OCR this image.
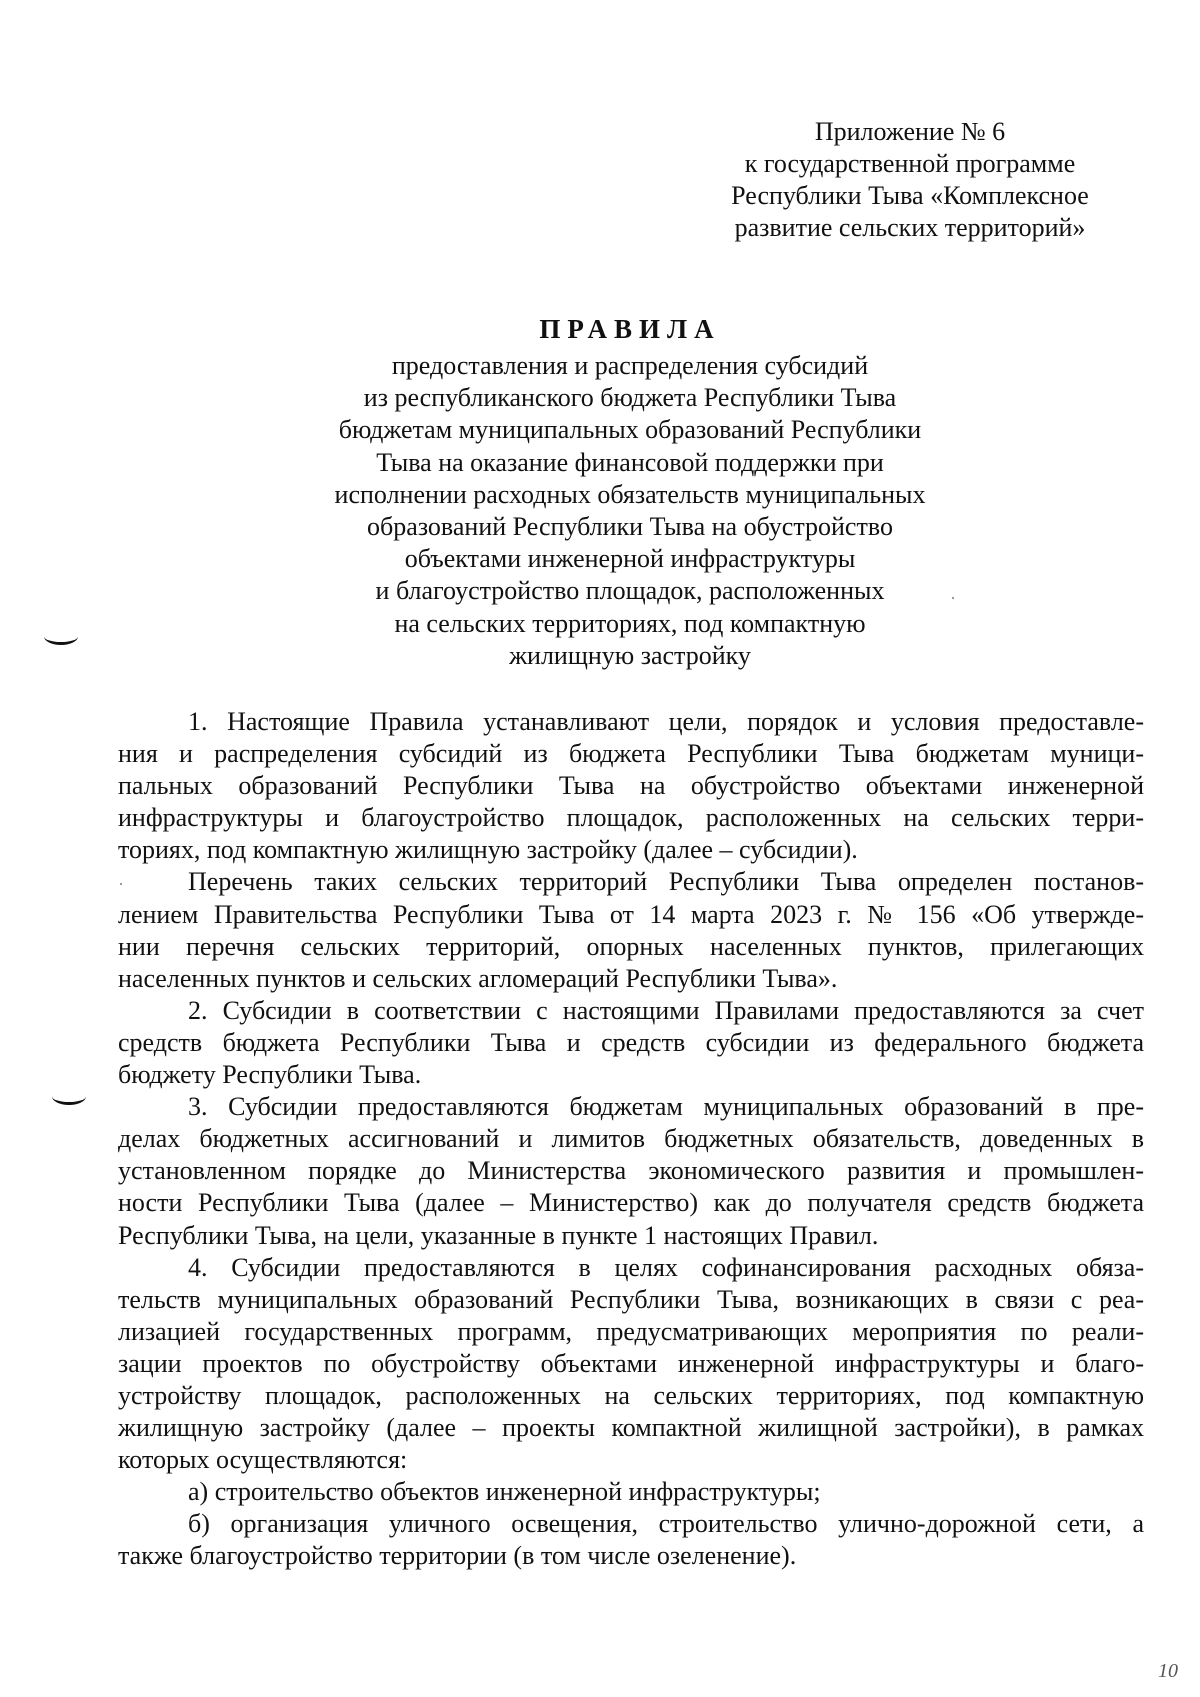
Приложение № 6
к государственной программе
Республики Тыва «Комплексное
развитие сельских территорий»
ПРАВИЛА
предоставления и распределения субсидий
из республиканского бюджета Республики Тыва
бюджетам муниципальных образований Республики
Тыва на оказание финансовой поддержки при
исполнении расходных обязательств муниципальных
образований Республики Тыва на обустройство
объектами инженерной инфраструктуры
и благоустройство площадок, расположенных
на сельских территориях, под компактную
жилищную застройку
1. Настоящие Правила устанавливают цели, порядок и условия предоставле-
ния и распределения субсидий из бюджета Республики Тыва бюджетам муници-
пальных образований Республики Тыва на обустройство объектами инженерной
инфраструктуры и благоустройство площадок, расположенных на сельских терри-
ториях, под компактную жилищную застройку (далее – субсидии).
Перечень таких сельских территорий Республики Тыва определен постанов-
лением Правительства Республики Тыва от 14 марта 2023 г. № 156 «Об утвержде-
нии перечня сельских территорий, опорных населенных пунктов, прилегающих
населенных пунктов и сельских агломераций Республики Тыва».
2. Субсидии в соответствии с настоящими Правилами предоставляются за счет
средств бюджета Республики Тыва и средств субсидии из федерального бюджета
бюджету Республики Тыва.
3. Субсидии предоставляются бюджетам муниципальных образований в пре-
делах бюджетных ассигнований и лимитов бюджетных обязательств, доведенных в
установленном порядке до Министерства экономического развития и промышлен-
ности Республики Тыва (далее – Министерство) как до получателя средств бюджета
Республики Тыва, на цели, указанные в пункте 1 настоящих Правил.
4. Субсидии предоставляются в целях софинансирования расходных обяза-
тельств муниципальных образований Республики Тыва, возникающих в связи с реа-
лизацией государственных программ, предусматривающих мероприятия по реали-
зации проектов по обустройству объектами инженерной инфраструктуры и благо-
устройству площадок, расположенных на сельских территориях, под компактную
жилищную застройку (далее – проекты компактной жилищной застройки), в рамках
которых осуществляются:
а) строительство объектов инженерной инфраструктуры;
б) организация уличного освещения, строительство улично-дорожной сети, а
также благоустройство территории (в том числе озеленение).
10
